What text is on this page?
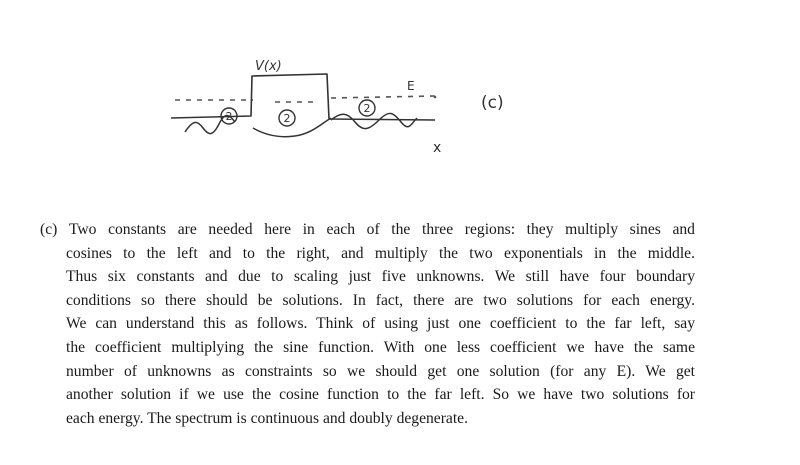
2	2
2
V(x)
E
x
(c)
(c) Two constants are needed here in each of the three regions: they multiply sines and
cosines to the left and to the right, and multiply the two exponentials in the middle.
Thus six constants and due to scaling just five unknowns. We still have four boundary
conditions so there should be solutions. In fact, there are two solutions for each energy.
We can understand this as follows. Think of using just one coefficient to the far left, say
the coefficient multiplying the sine function. With one less coefficient we have the same
number of unknowns as constraints so we should get one solution (for any E). We get
another solution if we use the cosine function to the far left. So we have two solutions for
each energy. The spectrum is continuous and doubly degenerate.
